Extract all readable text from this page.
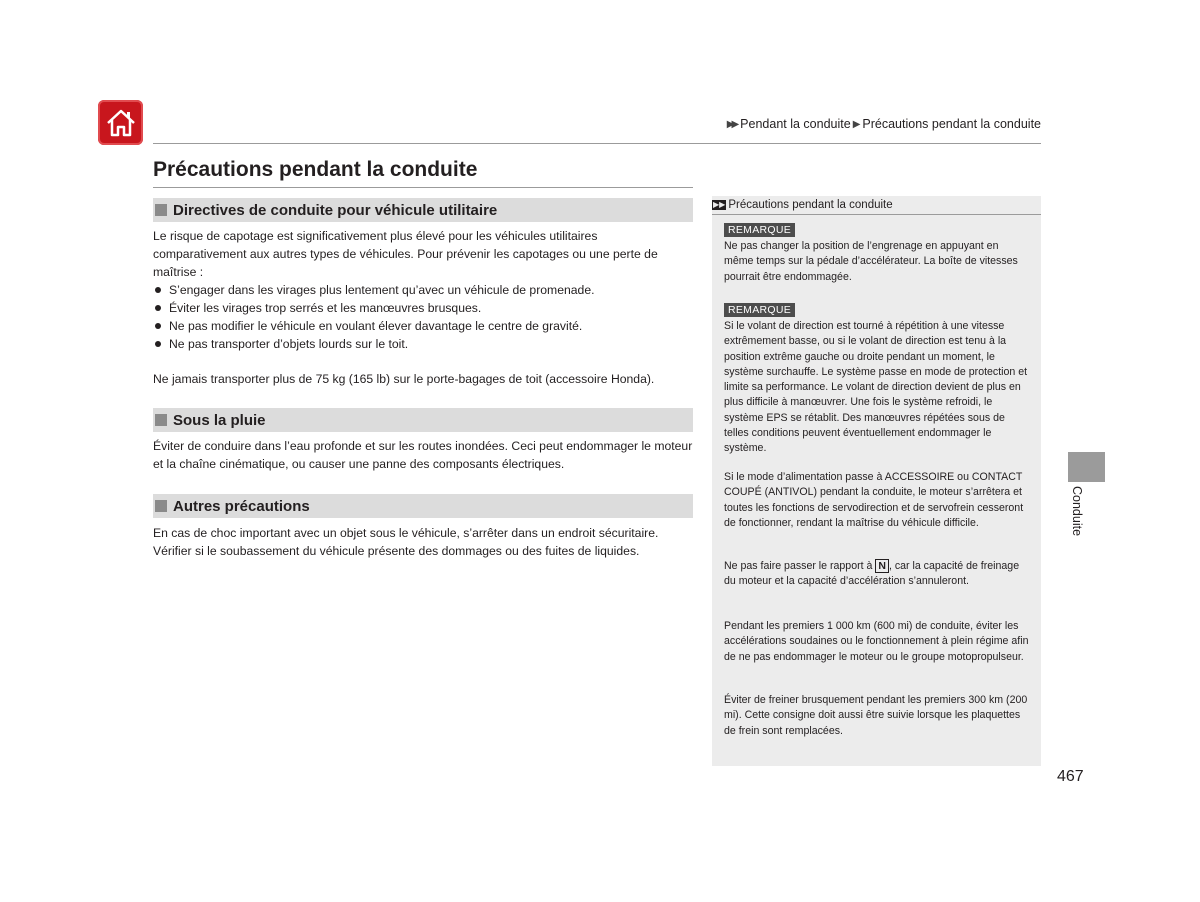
▶▶ Pendant la conduite ▶ Précautions pendant la conduite
Précautions pendant la conduite
Directives de conduite pour véhicule utilitaire

Le risque de capotage est significativement plus élevé pour les véhicules utilitaires comparativement aux autres types de véhicules. Pour prévenir les capotages ou une perte de maîtrise :

S’engager dans les virages plus lentement qu’avec un véhicule de promenade.
Éviter les virages trop serrés et les manœuvres brusques.
Ne pas modifier le véhicule en voulant élever davantage le centre de gravité.
Ne pas transporter d’objets lourds sur le toit.

Ne jamais transporter plus de 75 kg (165 lb) sur le porte-bagages de toit (accessoire Honda).

Sous la pluie

Éviter de conduire dans l’eau profonde et sur les routes inondées. Ceci peut endommager le moteur et la chaîne cinématique, ou causer une panne des composants électriques.

Autres précautions

En cas de choc important avec un objet sous le véhicule, s’arrêter dans un endroit sécuritaire. Vérifier si le soubassement du véhicule présente des dommages ou des fuites de liquides.

▶▶ Précautions pendant la conduite
REMARQUE

Ne pas changer la position de l’engrenage en appuyant en même temps sur la pédale d’accélérateur. La boîte de vitesses pourrait être endommagée.

REMARQUE

Si le volant de direction est tourné à répétition à une vitesse extrêmement basse, ou si le volant de direction est tenu à la position extrême gauche ou droite pendant un moment, le système surchauffe. Le système passe en mode de protection et limite sa performance. Le volant de direction devient de plus en plus difficile à manœuvrer. Une fois le système refroidi, le système EPS se rétablit. Des manœuvres répétées sous de telles conditions peuvent éventuellement endommager le système.

Si le mode d’alimentation passe à ACCESSOIRE ou CONTACT COUPÉ (ANTIVOL) pendant la conduite, le moteur s’arrêtera et toutes les fonctions de servodirection et de servofrein cesseront de fonctionner, rendant la maîtrise du véhicule difficile.

Ne pas faire passer le rapport à N , car la capacité de freinage du moteur et la capacité d’accélération s’annuleront.

Pendant les premiers 1 000 km (600 mi) de conduite, éviter les accélérations soudaines ou le fonctionnement à plein régime afin de ne pas endommager le moteur ou le groupe motopropulseur.

Éviter de freiner brusquement pendant les premiers 300 km (200 mi). Cette consigne doit aussi être suivie lorsque les plaquettes de frein sont remplacées.

Conduite
467
